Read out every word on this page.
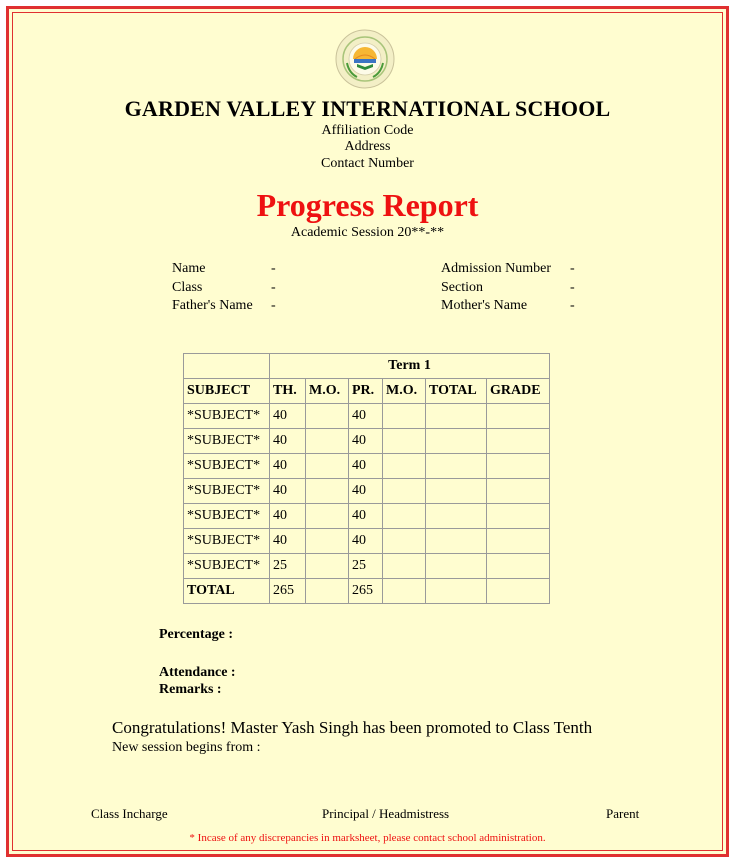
GARDEN VALLEY INTERNATIONAL SCHOOL
Affiliation Code
Address
Contact Number
Progress Report
Academic Session 20**-**
Name	-
Class	-
Father's Name -
Admission Number -
Section	-
Mother's Name	-
	Term 1					
SUBJECT	TH.	M.O.	PR.	M.O.	TOTAL	GRADE
*SUBJECT*	40		40			
*SUBJECT*	40		40			
*SUBJECT*	40		40			
*SUBJECT*	40		40			
*SUBJECT*	40		40			
*SUBJECT*	40		40			
*SUBJECT*	25		25			
TOTAL	265		265			
Percentage :
Attendance :
Remarks :
Congratulations! Master Yash Singh has been promoted to Class Tenth
New session begins from :
Class Incharge	Principal / Headmistress	Parent
* Incase of any discrepancies in marksheet, please contact school administration.
